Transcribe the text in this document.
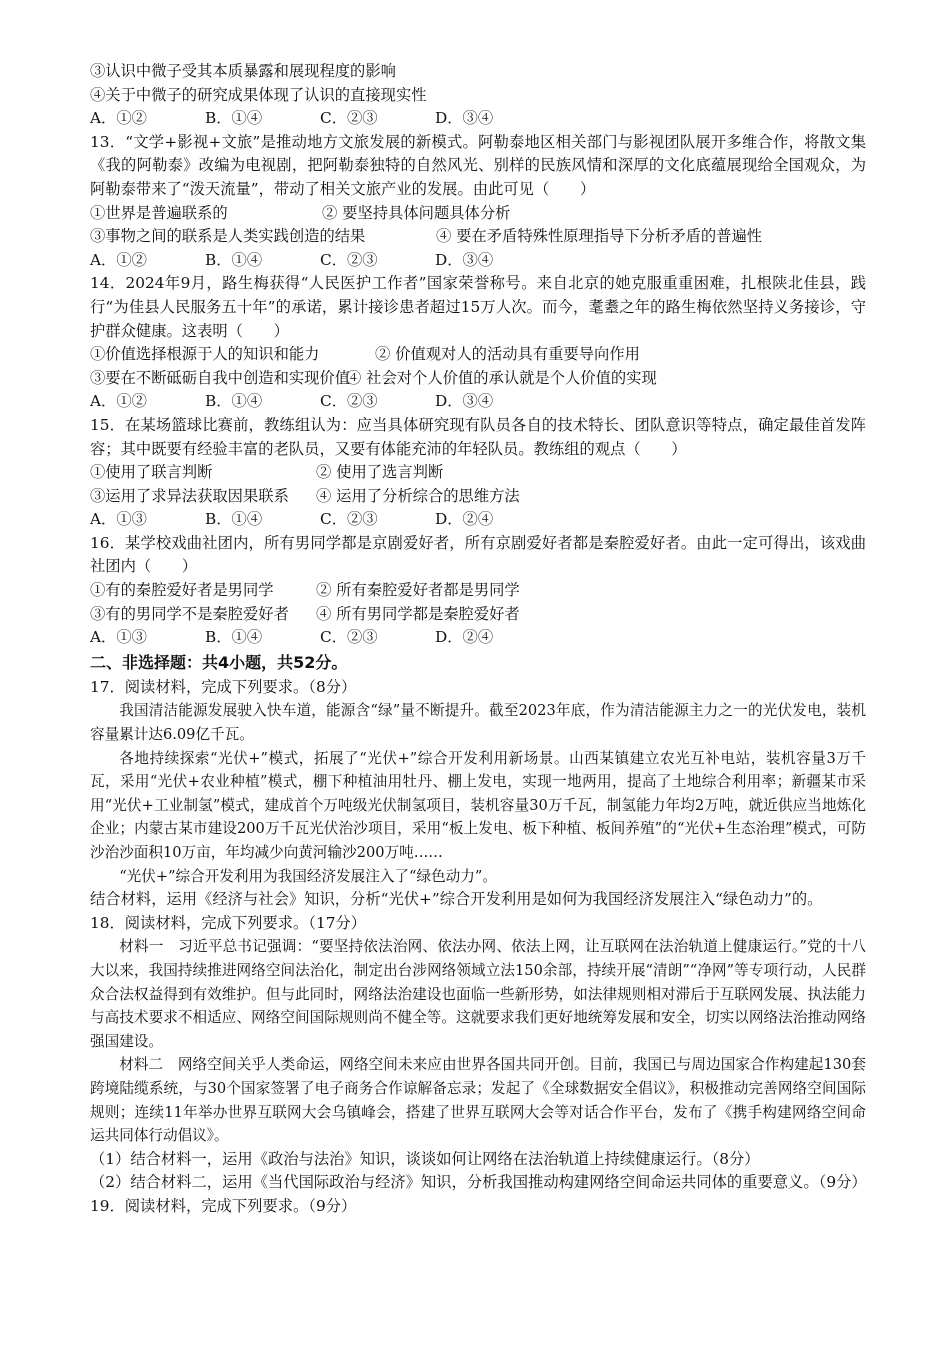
③认识中微子受其本质暴露和展现程度的影响

④关于中微子的研究成果体现了认识的直接现实性

A．①②	B．①④	C．②③	D．③④

13．“文学+影视+文旅”是推动地方文旅发展的新模式。阿勒泰地区相关部门与影视团队展开多维合作，将散文集《我的阿勒泰》改编为电视剧，把阿勒泰独特的自然风光、别样的民族风情和深厚的文化底蕴展现给全国观众，为阿勒泰带来了“泼天流量”，带动了相关文旅产业的发展。由此可见（　　）

①世界是普遍联系的	② 要坚持具体问题具体分析
③事物之间的联系是人类实践创造的结果	④ 要在矛盾特殊性原理指导下分析矛盾的普遍性
A．①②	B．①④	C．②③	D．③④

14．2024年9月，路生梅获得“人民医护工作者”国家荣誉称号。来自北京的她克服重重困难，扎根陕北佳县，践行“为佳县人民服务五十年”的承诺，累计接诊患者超过15万人次。而今，耄耋之年的路生梅依然坚持义务接诊，守护群众健康。这表明（　　）

①价值选择根源于人的知识和能力	② 价值观对人的活动具有重要导向作用
③要在不断砥砺自我中创造和实现价值
④ 社会对个人价值的承认就是个人价值的实现
A．①②	B．①④	C．②③	D．③④

15．在某场篮球比赛前，教练组认为：应当具体研究现有队员各自的技术特长、团队意识等特点，确定最佳首发阵容；其中既要有经验丰富的老队员，又要有体能充沛的年轻队员。教练组的观点（　　）

①使用了联言判断	② 使用了选言判断
③运用了求异法获取因果联系	④ 运用了分析综合的思维方法
A．①③	B．①④	C．②③	D．②④

16．某学校戏曲社团内，所有男同学都是京剧爱好者，所有京剧爱好者都是秦腔爱好者。由此一定可得出，该戏曲社团内（　　）

①有的秦腔爱好者是男同学	② 所有秦腔爱好者都是男同学
③有的男同学不是秦腔爱好者	④ 所有男同学都是秦腔爱好者
A．①③	B．①④	C．②③	D．②④

二、非选择题：共4小题，共52分。

17．阅读材料，完成下列要求。（8分）

我国清洁能源发展驶入快车道，能源含“绿”量不断提升。截至2023年底，作为清洁能源主力之一的光伏发电，装机容量累计达6.09亿千瓦。

各地持续探索“光伏+”模式，拓展了“光伏+”综合开发利用新场景。山西某镇建立农光互补电站，装机容量3万千瓦，采用“光伏+农业种植”模式，棚下种植油用牡丹、棚上发电，实现一地两用，提高了土地综合利用率；新疆某市采用“光伏+工业制氢”模式，建成首个万吨级光伏制氢项目，装机容量30万千瓦，制氢能力年均2万吨，就近供应当地炼化企业；内蒙古某市建设200万千瓦光伏治沙项目，采用“板上发电、板下种植、板间养殖”的“光伏+生态治理”模式，可防沙治沙面积10万亩，年均减少向黄河输沙200万吨……

“光伏+”综合开发利用为我国经济发展注入了“绿色动力”。

结合材料，运用《经济与社会》知识，分析“光伏+”综合开发利用是如何为我国经济发展注入“绿色动力”的。

18．阅读材料，完成下列要求。（17分）

材料一　习近平总书记强调：“要坚持依法治网、依法办网、依法上网，让互联网在法治轨道上健康运行。”党的十八大以来，我国持续推进网络空间法治化，制定出台涉网络领域立法150余部，持续开展“清朗”“净网”等专项行动，人民群众合法权益得到有效维护。但与此同时，网络法治建设也面临一些新形势，如法律规则相对滞后于互联网发展、执法能力与高技术要求不相适应、网络空间国际规则尚不健全等。这就要求我们更好地统筹发展和安全，切实以网络法治推动网络强国建设。

材料二　网络空间关乎人类命运，网络空间未来应由世界各国共同开创。目前，我国已与周边国家合作构建起130套跨境陆缆系统，与30个国家签署了电子商务合作谅解备忘录；发起了《全球数据安全倡议》，积极推动完善网络空间国际规则；连续11年举办世界互联网大会乌镇峰会，搭建了世界互联网大会等对话合作平台，发布了《携手构建网络空间命运共同体行动倡议》。

（1）结合材料一，运用《政治与法治》知识，谈谈如何让网络在法治轨道上持续健康运行。（8分）

（2）结合材料二，运用《当代国际政治与经济》知识，分析我国推动构建网络空间命运共同体的重要意义。（9分）

19．阅读材料，完成下列要求。（9分）
